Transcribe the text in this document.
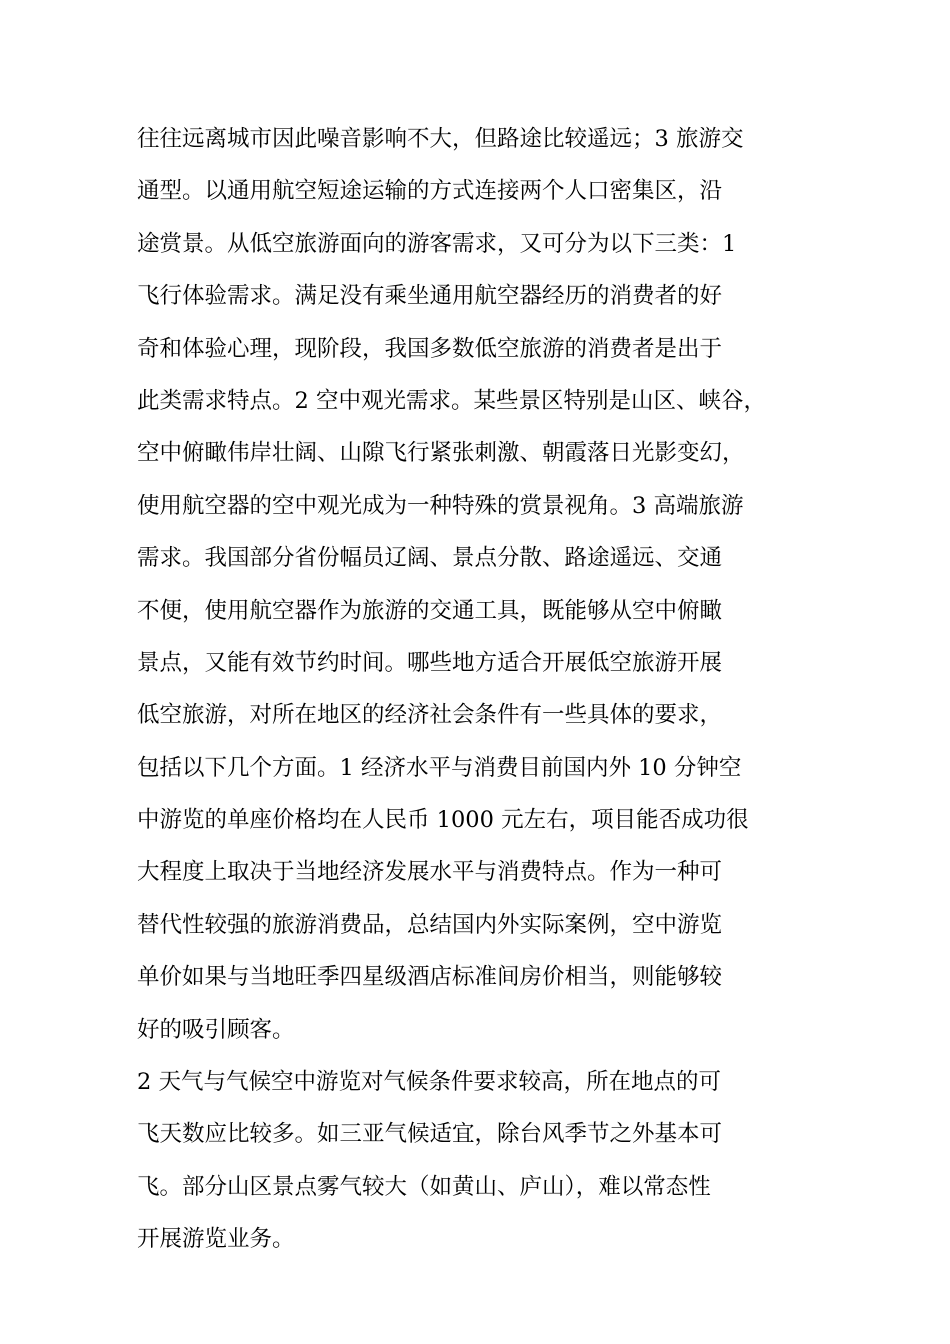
往往远离城市因此噪音影响不大，但路途比较遥远；3 旅游交
通型。以通用航空短途运输的方式连接两个人口密集区，沿
途赏景。从低空旅游面向的游客需求，又可分为以下三类：1
飞行体验需求。满足没有乘坐通用航空器经历的消费者的好
奇和体验心理，现阶段，我国多数低空旅游的消费者是出于
此类需求特点。2 空中观光需求。某些景区特别是山区、峡谷，
空中俯瞰伟岸壮阔、山隙飞行紧张刺激、朝霞落日光影变幻，
使用航空器的空中观光成为一种特殊的赏景视角。3 高端旅游
需求。我国部分省份幅员辽阔、景点分散、路途遥远、交通
不便，使用航空器作为旅游的交通工具，既能够从空中俯瞰
景点，又能有效节约时间。哪些地方适合开展低空旅游开展
低空旅游，对所在地区的经济社会条件有一些具体的要求，
包括以下几个方面。1 经济水平与消费目前国内外 10 分钟空
中游览的单座价格均在人民币 1000 元左右，项目能否成功很
大程度上取决于当地经济发展水平与消费特点。作为一种可
替代性较强的旅游消费品，总结国内外实际案例，空中游览
单价如果与当地旺季四星级酒店标准间房价相当，则能够较
好的吸引顾客。
2 天气与气候空中游览对气候条件要求较高，所在地点的可
飞天数应比较多。如三亚气候适宜，除台风季节之外基本可
飞。部分山区景点雾气较大（如黄山、庐山），难以常态性
开展游览业务。
